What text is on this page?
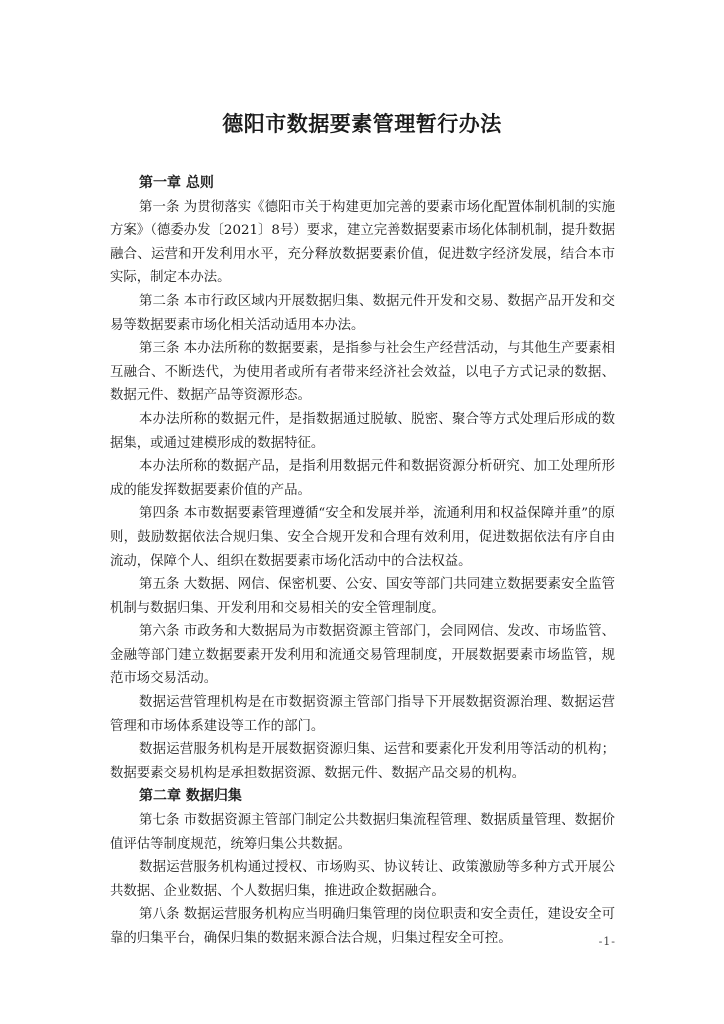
德阳市数据要素管理暂行办法

第一章 总则

第一条 为贯彻落实《德阳市关于构建更加完善的要素市场化配置体制机制的实施方案》（德委办发〔2021〕8号）要求，建立完善数据要素市场化体制机制，提升数据融合、运营和开发利用水平，充分释放数据要素价值，促进数字经济发展，结合本市实际，制定本办法。

第二条 本市行政区域内开展数据归集、数据元件开发和交易、数据产品开发和交易等数据要素市场化相关活动适用本办法。

第三条 本办法所称的数据要素，是指参与社会生产经营活动，与其他生产要素相互融合、不断迭代，为使用者或所有者带来经济社会效益，以电子方式记录的数据、数据元件、数据产品等资源形态。

本办法所称的数据元件，是指数据通过脱敏、脱密、聚合等方式处理后形成的数据集，或通过建模形成的数据特征。

本办法所称的数据产品，是指利用数据元件和数据资源分析研究、加工处理所形成的能发挥数据要素价值的产品。

第四条 本市数据要素管理遵循“安全和发展并举，流通利用和权益保障并重”的原则，鼓励数据依法合规归集、安全合规开发和合理有效利用，促进数据依法有序自由流动，保障个人、组织在数据要素市场化活动中的合法权益。

第五条 大数据、网信、保密机要、公安、国安等部门共同建立数据要素安全监管机制与数据归集、开发利用和交易相关的安全管理制度。

第六条 市政务和大数据局为市数据资源主管部门，会同网信、发改、市场监管、金融等部门建立数据要素开发利用和流通交易管理制度，开展数据要素市场监管，规范市场交易活动。

数据运营管理机构是在市数据资源主管部门指导下开展数据资源治理、数据运营管理和市场体系建设等工作的部门。

数据运营服务机构是开展数据资源归集、运营和要素化开发利用等活动的机构；数据要素交易机构是承担数据资源、数据元件、数据产品交易的机构。

第二章 数据归集

第七条 市数据资源主管部门制定公共数据归集流程管理、数据质量管理、数据价值评估等制度规范，统筹归集公共数据。

数据运营服务机构通过授权、市场购买、协议转让、政策激励等多种方式开展公共数据、企业数据、个人数据归集，推进政企数据融合。

第八条 数据运营服务机构应当明确归集管理的岗位职责和安全责任，建设安全可靠的归集平台，确保归集的数据来源合法合规，归集过程安全可控。	-1-
